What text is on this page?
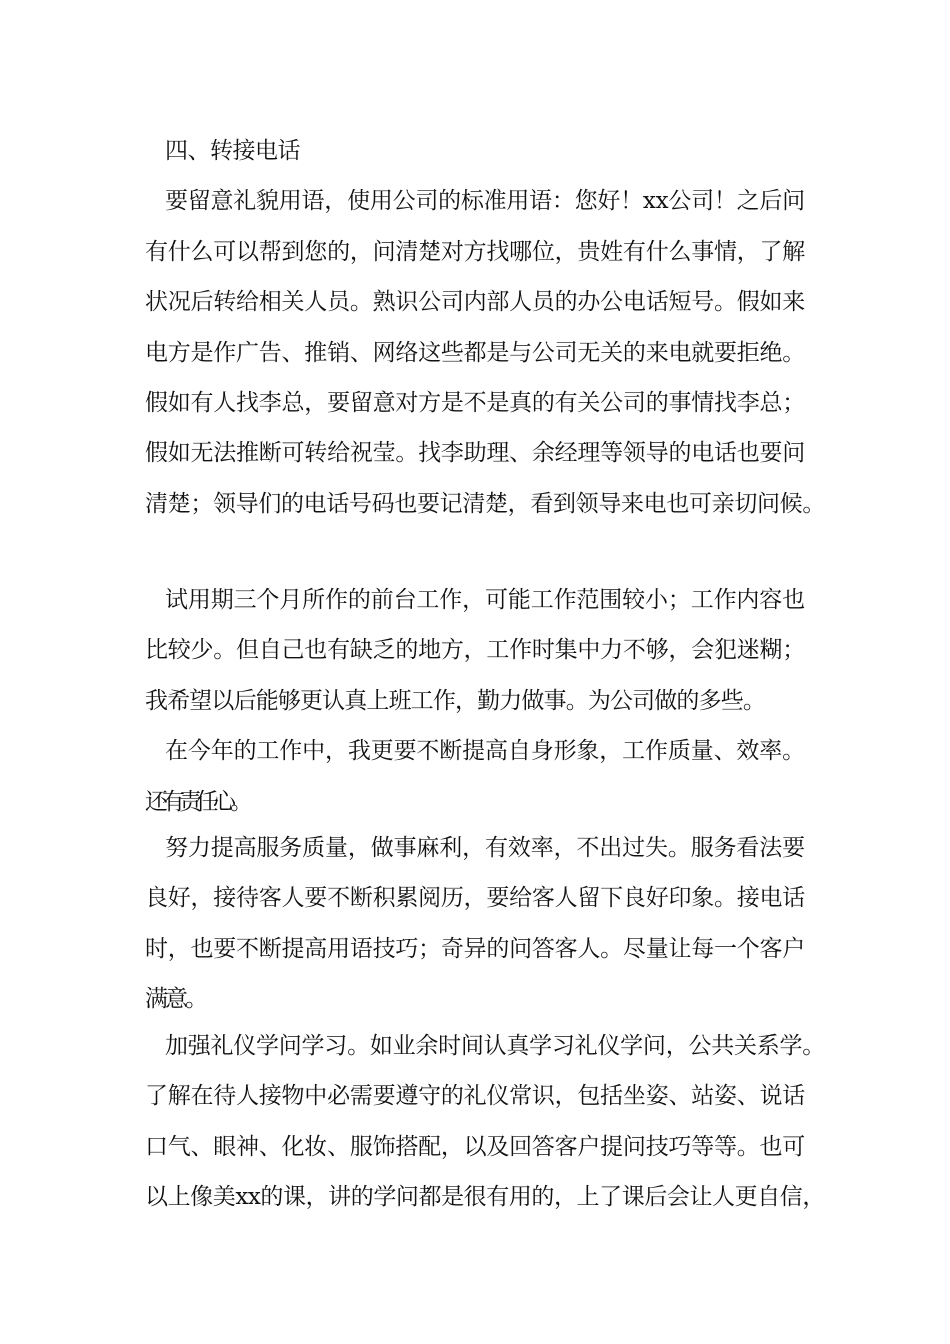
四、转接电话
要留意礼貌用语，使用公司的标准用语：您好！xx公司！之后问
有什么可以帮到您的，问清楚对方找哪位，贵姓有什么事情，了解
状况后转给相关人员。熟识公司内部人员的办公电话短号。假如来
电方是作广告、推销、网络这些都是与公司无关的来电就要拒绝。
假如有人找李总，要留意对方是不是真的有关公司的事情找李总；
假如无法推断可转给祝莹。找李助理、余经理等领导的电话也要问
清楚；领导们的电话号码也要记清楚，看到领导来电也可亲切问候。
试用期三个月所作的前台工作，可能工作范围较小；工作内容也
比较少。但自己也有缺乏的地方，工作时集中力不够，会犯迷糊；
我希望以后能够更认真上班工作，勤力做事。为公司做的多些。
在今年的工作中，我更要不断提高自身形象，工作质量、效率。
还有责任心。
努力提高服务质量，做事麻利，有效率，不出过失。服务看法要
良好，接待客人要不断积累阅历，要给客人留下良好印象。接电话
时，也要不断提高用语技巧；奇异的问答客人。尽量让每一个客户
满意。
加强礼仪学问学习。如业余时间认真学习礼仪学问，公共关系学。
了解在待人接物中必需要遵守的礼仪常识，包括坐姿、站姿、说话
口气、眼神、化妆、服饰搭配，以及回答客户提问技巧等等。也可
以上像美xx的课，讲的学问都是很有用的，上了课后会让人更自信，
